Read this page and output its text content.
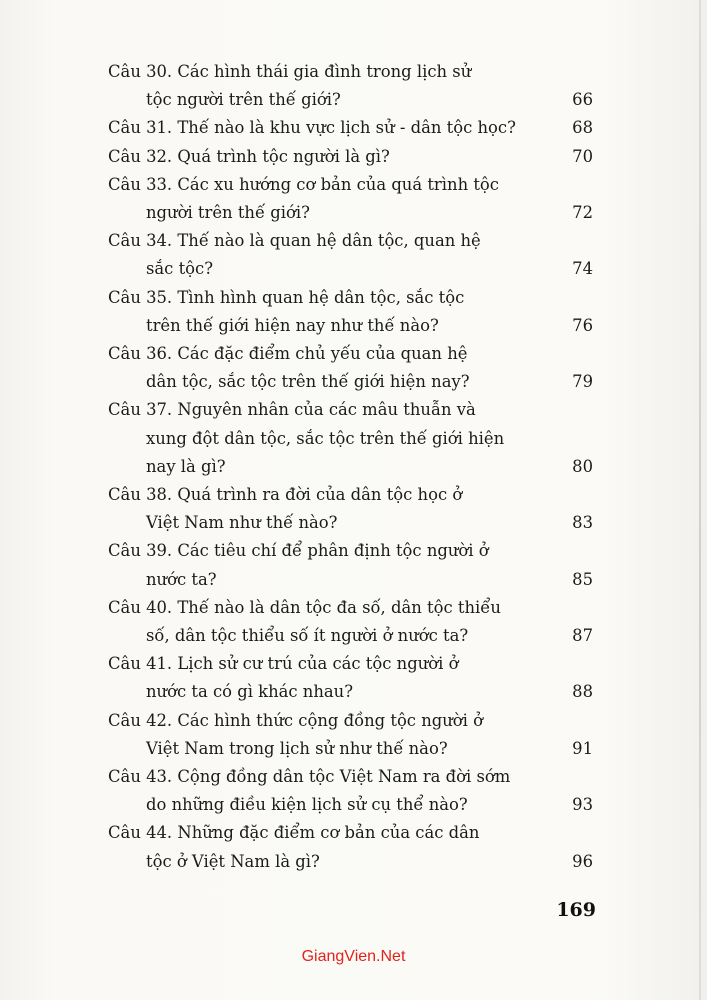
Câu 30. Các hình thái gia đình trong lịch sử
tộc người trên thế giới?	66
Câu 31. Thế nào là khu vực lịch sử - dân tộc học?	68
Câu 32. Quá trình tộc người là gì?	70
Câu 33. Các xu hướng cơ bản của quá trình tộc
người trên thế giới?	72
Câu 34. Thế nào là quan hệ dân tộc, quan hệ
sắc tộc?	74
Câu 35. Tình hình quan hệ dân tộc, sắc tộc
trên thế giới hiện nay như thế nào?	76
Câu 36. Các đặc điểm chủ yếu của quan hệ
dân tộc, sắc tộc trên thế giới hiện nay?	79
Câu 37. Nguyên nhân của các mâu thuẫn và
xung đột dân tộc, sắc tộc trên thế giới hiện
nay là gì?	80
Câu 38. Quá trình ra đời của dân tộc học ở
Việt Nam như thế nào?	83
Câu 39. Các tiêu chí để phân định tộc người ở
nước ta?	85
Câu 40. Thế nào là dân tộc đa số, dân tộc thiểu
số, dân tộc thiểu số ít người ở nước ta?	87
Câu 41. Lịch sử cư trú của các tộc người ở
nước ta có gì khác nhau?	88
Câu 42. Các hình thức cộng đồng tộc người ở
Việt Nam trong lịch sử như thế nào?	91
Câu 43. Cộng đồng dân tộc Việt Nam ra đời sớm
do những điều kiện lịch sử cụ thể nào?	93
Câu 44. Những đặc điểm cơ bản của các dân
tộc ở Việt Nam là gì?	96
169
GiangVien.Net
